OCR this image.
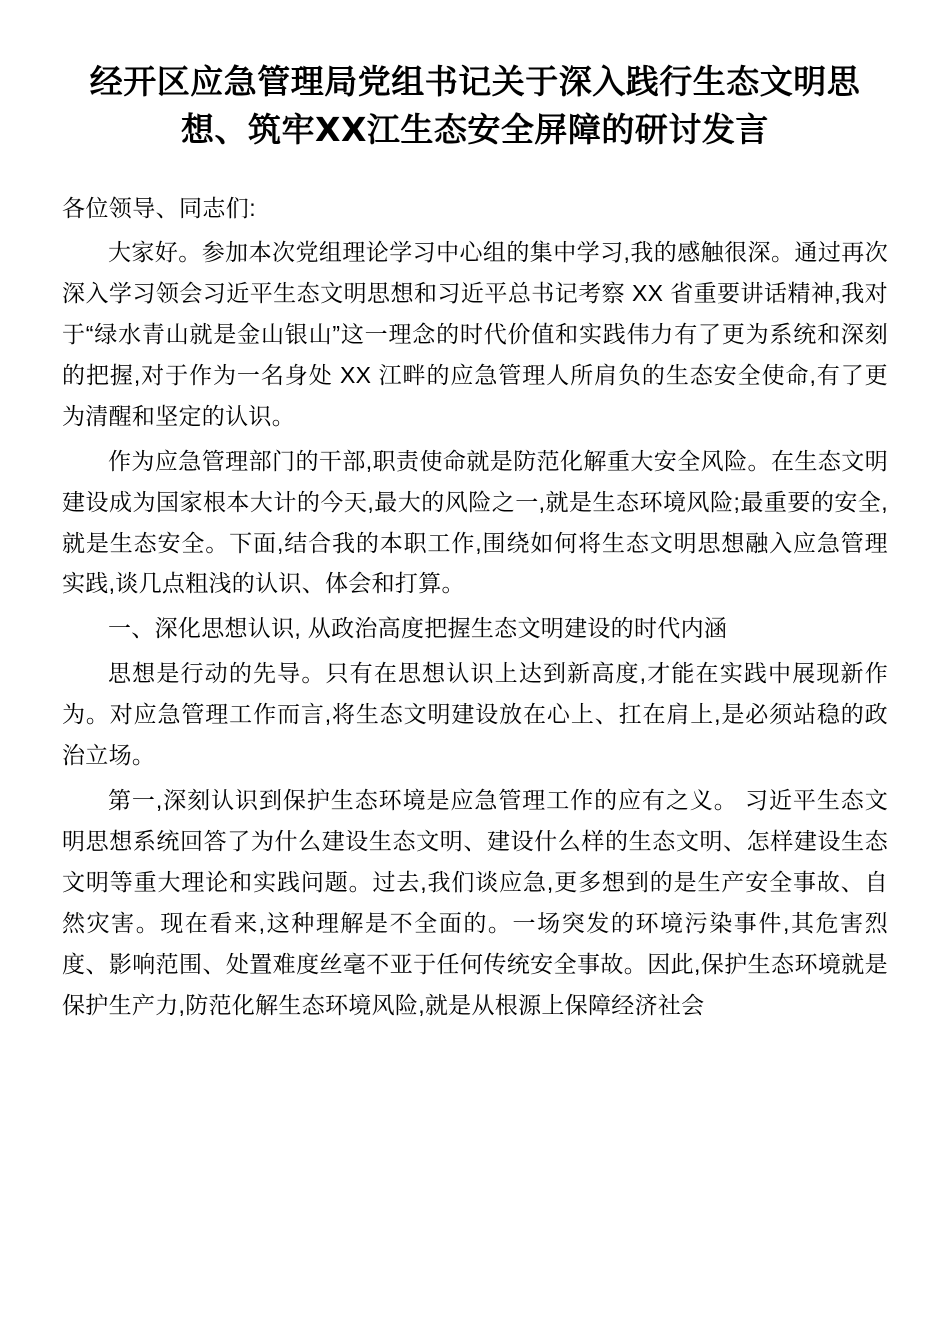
经开区应急管理局党组书记关于深入践行生态文明思想、筑牢XX江生态安全屏障的研讨发言

各位领导、同志们:

大家好。参加本次党组理论学习中心组的集中学习,我的感触很深。通过再次深入学习领会习近平生态文明思想和习近平总书记考察 XX 省重要讲话精神,我对于“绿水青山就是金山银山”这一理念的时代价值和实践伟力有了更为系统和深刻的把握,对于作为一名身处 XX 江畔的应急管理人所肩负的生态安全使命,有了更为清醒和坚定的认识。

作为应急管理部门的干部,职责使命就是防范化解重大安全风险。在生态文明建设成为国家根本大计的今天,最大的风险之一,就是生态环境风险;最重要的安全,就是生态安全。下面,结合我的本职工作,围绕如何将生态文明思想融入应急管理实践,谈几点粗浅的认识、体会和打算。

一、深化思想认识, 从政治高度把握生态文明建设的时代内涵

思想是行动的先导。只有在思想认识上达到新高度,才能在实践中展现新作为。对应急管理工作而言,将生态文明建设放在心上、扛在肩上,是必须站稳的政治立场。

第一,深刻认识到保护生态环境是应急管理工作的应有之义。 习近平生态文明思想系统回答了为什么建设生态文明、建设什么样的生态文明、怎样建设生态文明等重大理论和实践问题。过去,我们谈应急,更多想到的是生产安全事故、自然灾害。现在看来,这种理解是不全面的。一场突发的环境污染事件,其危害烈度、影响范围、处置难度丝毫不亚于任何传统安全事故。因此,保护生态环境就是保护生产力,防范化解生态环境风险,就是从根源上保障经济社会
